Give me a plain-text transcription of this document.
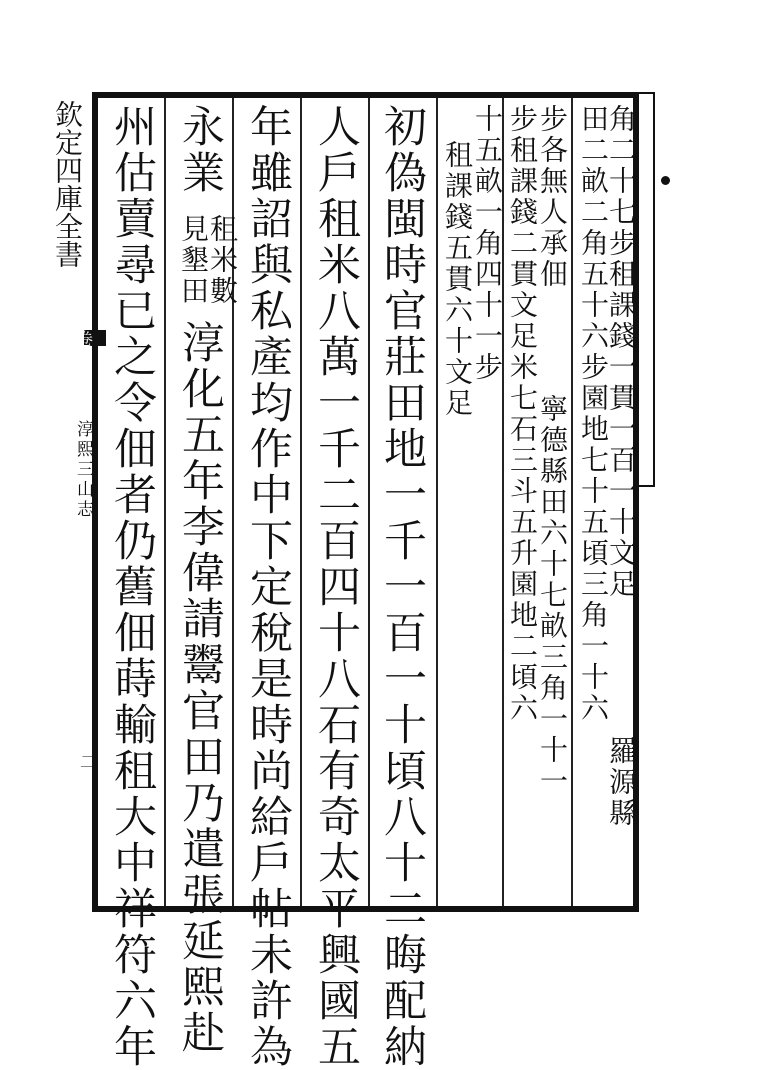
欽定四庫全書
卷
淳熙三山志
二
角二十七步租課錢一貫一百一十文足
羅源縣
田二畝二角五十六步園地七十五頃三角一十六
步各無人承佃
寧德縣田六十七畝三角一十一
步租課錢二貫文足米七石三斗五升園地二頃六
十五畝一角四十一步
租課錢五貫六十文足
初偽閩時官莊田地一千一百一十頃八十二晦配納
人戶租米八萬一千二百四十八石有奇太平興國五
年雖詔與私產均作中下定稅是時尚給戶帖未許為
永業
租米數
見墾田
淳化五年李偉請鬻官田乃遣張延熙赴
州估賣尋已之令佃者仍舊佃蒔輸租大中祥符六年
